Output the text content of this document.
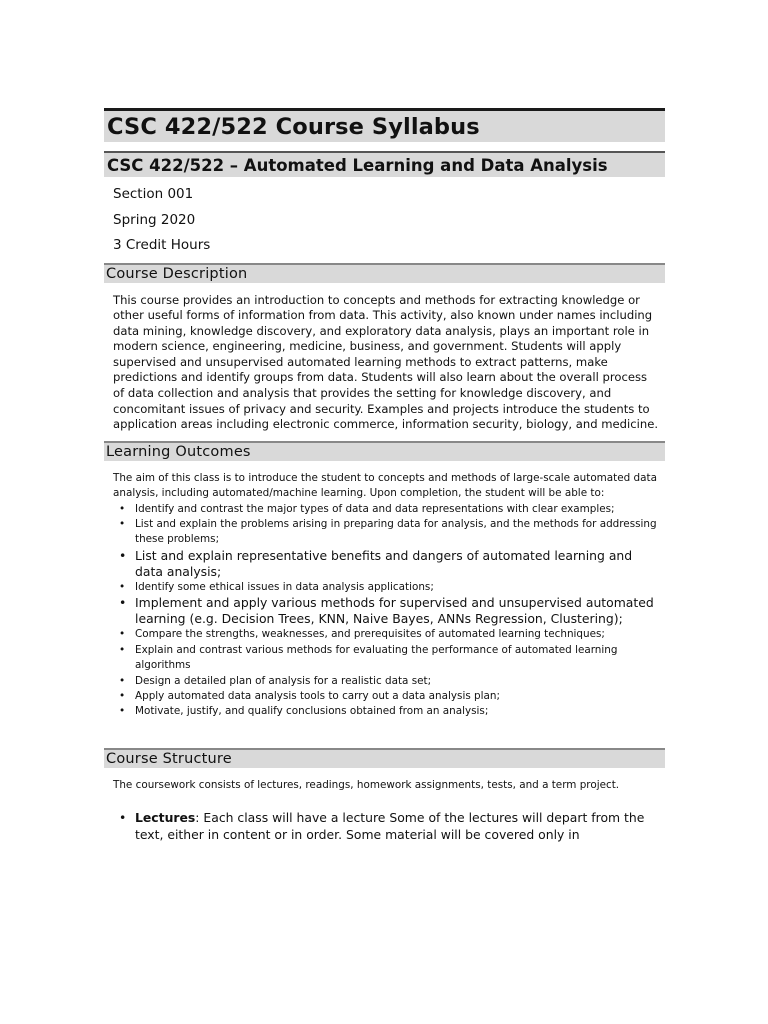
CSC 422/522 Course Syllabus
CSC 422/522 – Automated Learning and Data Analysis
Section 001
Spring 2020
3 Credit Hours
Course Description
This course provides an introduction to concepts and methods for extracting knowledge or other useful forms of information from data. This activity, also known under names including data mining, knowledge discovery, and exploratory data analysis, plays an important role in modern science, engineering, medicine, business, and government. Students will apply supervised and unsupervised automated learning methods to extract patterns, make predictions and identify groups from data. Students will also learn about the overall process of data collection and analysis that provides the setting for knowledge discovery, and concomitant issues of privacy and security. Examples and projects introduce the students to application areas including electronic commerce, information security, biology, and medicine.
Learning Outcomes
The aim of this class is to introduce the student to concepts and methods of large-scale automated data analysis, including automated/machine learning. Upon completion, the student will be able to:
• Identify and contrast the major types of data and data representations with clear examples;
• List and explain the problems arising in preparing data for analysis, and the methods for addressing these problems;
• List and explain representative benefits and dangers of automated learning and data analysis;
• Identify some ethical issues in data analysis applications;
• Implement and apply various methods for supervised and unsupervised automated learning (e.g. Decision Trees, KNN, Naive Bayes, ANNs Regression, Clustering);
• Compare the strengths, weaknesses, and prerequisites of automated learning techniques;
• Explain and contrast various methods for evaluating the performance of automated learning algorithms
• Design a detailed plan of analysis for a realistic data set;
• Apply automated data analysis tools to carry out a data analysis plan;
• Motivate, justify, and qualify conclusions obtained from an analysis;
Course Structure
The coursework consists of lectures, readings, homework assignments, tests, and a term project.
• Lectures: Each class will have a lecture Some of the lectures will depart from the text, either in content or in order. Some material will be covered only in
